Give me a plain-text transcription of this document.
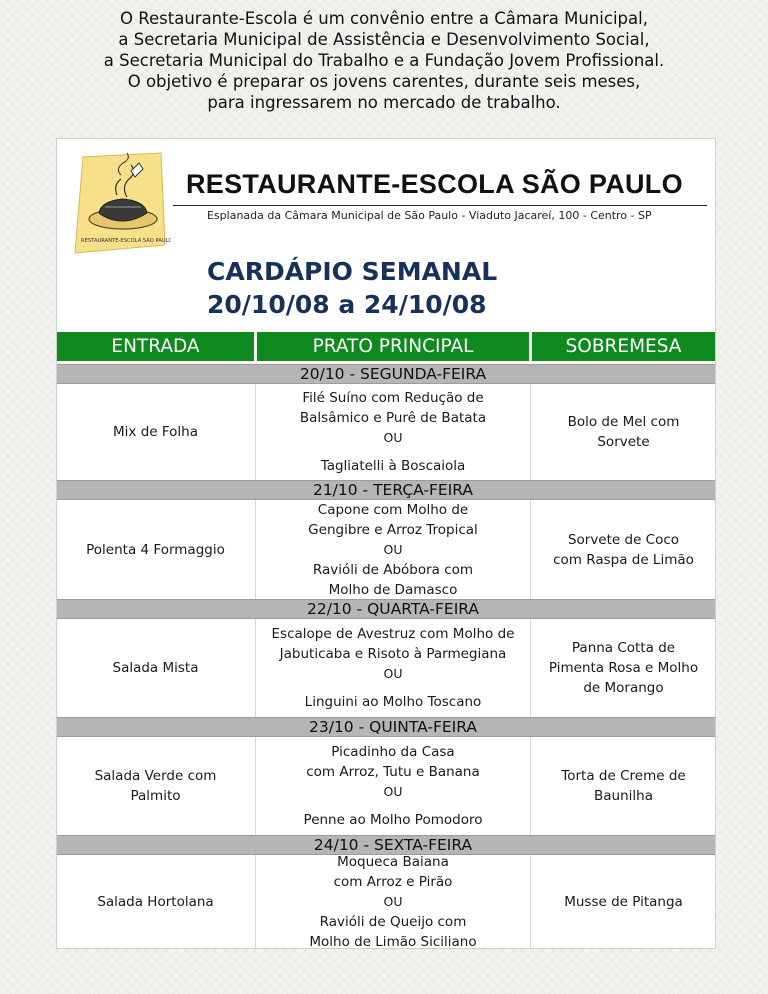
O Restaurante-Escola é um convênio entre a Câmara Municipal,
a Secretaria Municipal de Assistência e Desenvolvimento Social,
a Secretaria Municipal do Trabalho e a Fundação Jovem Profissional.
O objetivo é preparar os jovens carentes, durante seis meses,
para ingressarem no mercado de trabalho.
RESTAURANTE-ESCOLA SÃO PAULO
RESTAURANTE-ESCOLA SÃO PAULO
Esplanada da Câmara Municipal de São Paulo - Viaduto Jacareí, 100 - Centro - SP
CARDÁPIO SEMANAL
20/10/08 a 24/10/08
ENTRADA	PRATO PRINCIPAL	SOBREMESA
20/10 - SEGUNDA-FEIRA
Mix de Folha
Filé Suíno com Redução de
Balsâmico e Purê de Batata
OU
Tagliatelli à Boscaiola
Bolo de Mel com
Sorvete
21/10 - TERÇA-FEIRA
Polenta 4 Formaggio
Capone com Molho de
Gengibre e Arroz Tropical
OU
Ravióli de Abóbora com
Molho de Damasco
Sorvete de Coco
com Raspa de Limão
22/10 - QUARTA-FEIRA
Salada Mista
Escalope de Avestruz com Molho de
Jabuticaba e Risoto à Parmegiana
OU
Linguini ao Molho Toscano
Panna Cotta de
Pimenta Rosa e Molho
de Morango
23/10 - QUINTA-FEIRA
Salada Verde com Palmito
Picadinho da Casa
com Arroz, Tutu e Banana
OU
Penne ao Molho Pomodoro
Torta de Creme de
Baunilha
24/10 - SEXTA-FEIRA
Salada Hortolana
Moqueca Baiana
com Arroz e Pirão
OU
Ravióli de Queijo com
Molho de Limão Siciliano
Musse de Pitanga
